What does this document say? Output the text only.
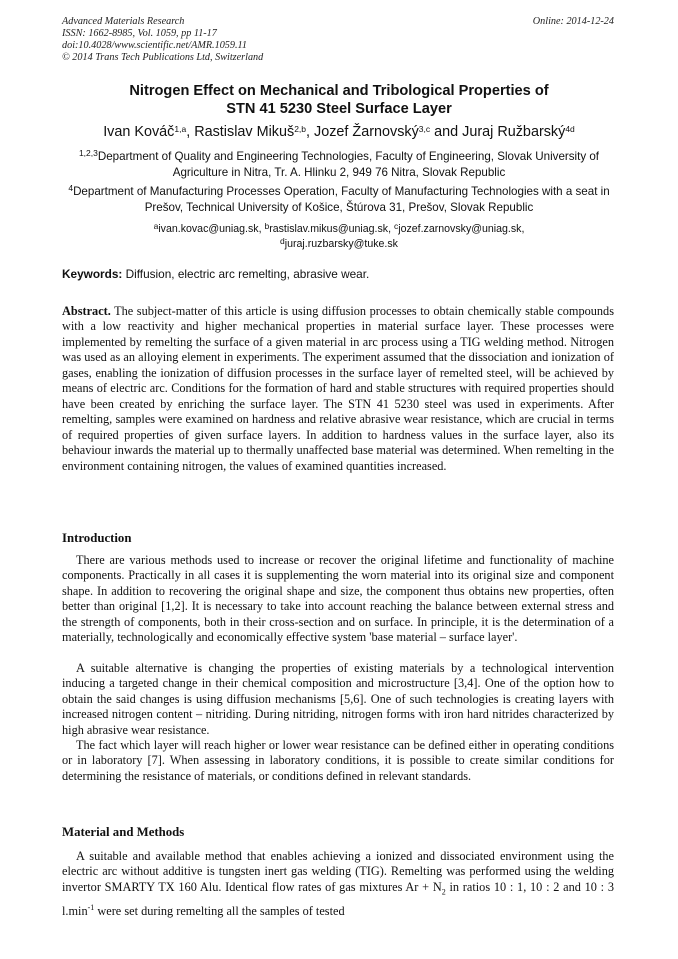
Advanced Materials Research
ISSN: 1662-8985, Vol. 1059, pp 11-17
doi:10.4028/www.scientific.net/AMR.1059.11
© 2014 Trans Tech Publications Ltd, Switzerland
Online: 2014-12-24
Nitrogen Effect on Mechanical and Tribological Properties of
STN 41 5230 Steel Surface Layer
Ivan Kováč$^{1,a}$, Rastislav Mikuš$^{2,b}$, Jozef Žarnovský$^{3,c}$ and Juraj Ružbarský$^{4d}$
$^{1,2,3}$Department of Quality and Engineering Technologies, Faculty of Engineering, Slovak University of Agriculture in Nitra, Tr. A. Hlinku 2, 949 76 Nitra, Slovak Republic
$^4$Department of Manufacturing Processes Operation, Faculty of Manufacturing Technologies with a seat in Prešov, Technical University of Košice, Štúrova 31, Prešov, Slovak Republic
$^a$ivan.kovac@uniag.sk, $^b$rastislav.mikus@uniag.sk, $^c$jozef.zarnovsky@uniag.sk,
$^d$juraj.ruzbarsky@tuke.sk
Keywords: Diffusion, electric arc remelting, abrasive wear.
Abstract. The subject-matter of this article is using diffusion processes to obtain chemically stable compounds with a low reactivity and higher mechanical properties in material surface layer. These processes were implemented by remelting the surface of a given material in arc process using a TIG welding method. Nitrogen was used as an alloying element in experiments. The experiment assumed that the dissociation and ionization of gases, enabling the ionization of diffusion processes in the surface layer of remelted steel, will be achieved by means of electric arc. Conditions for the formation of hard and stable structures with required properties should have been created by enriching the surface layer. The STN 41 5230 steel was used in experiments. After remelting, samples were examined on hardness and relative abrasive wear resistance, which are crucial in terms of required properties of given surface layers. In addition to hardness values in the surface layer, also its behaviour inwards the material up to thermally unaffected base material was determined. When remelting in the environment containing nitrogen, the values of examined quantities increased.
Introduction
There are various methods used to increase or recover the original lifetime and functionality of machine components. Practically in all cases it is supplementing the worn material into its original size and component shape. In addition to recovering the original shape and size, the component thus obtains new properties, often better than original [1,2]. It is necessary to take into account reaching the balance between external stress and the strength of components, both in their cross-section and on surface. In principle, it is the determination of a materially, technologically and economically effective system 'base material – surface layer'.
A suitable alternative is changing the properties of existing materials by a technological intervention inducing a targeted change in their chemical composition and microstructure [3,4]. One of the option how to obtain the said changes is using diffusion mechanisms [5,6]. One of such technologies is creating layers with increased nitrogen content – nitriding. During nitriding, nitrogen forms with iron hard nitrides characterized by high abrasive wear resistance.
The fact which layer will reach higher or lower wear resistance can be defined either in operating conditions or in laboratory [7]. When assessing in laboratory conditions, it is possible to create similar conditions for determining the resistance of materials, or conditions defined in relevant standards.
Material and Methods
A suitable and available method that enables achieving a ionized and dissociated environment using the electric arc without additive is tungsten inert gas welding (TIG). Remelting was performed using the welding invertor SMARTY TX 160 Alu. Identical flow rates of gas mixtures $Ar + N_2$ in ratios 10 : 1, 10 : 2 and 10 : 3 $l.\min^{-1}$ were set during remelting all the samples of tested
